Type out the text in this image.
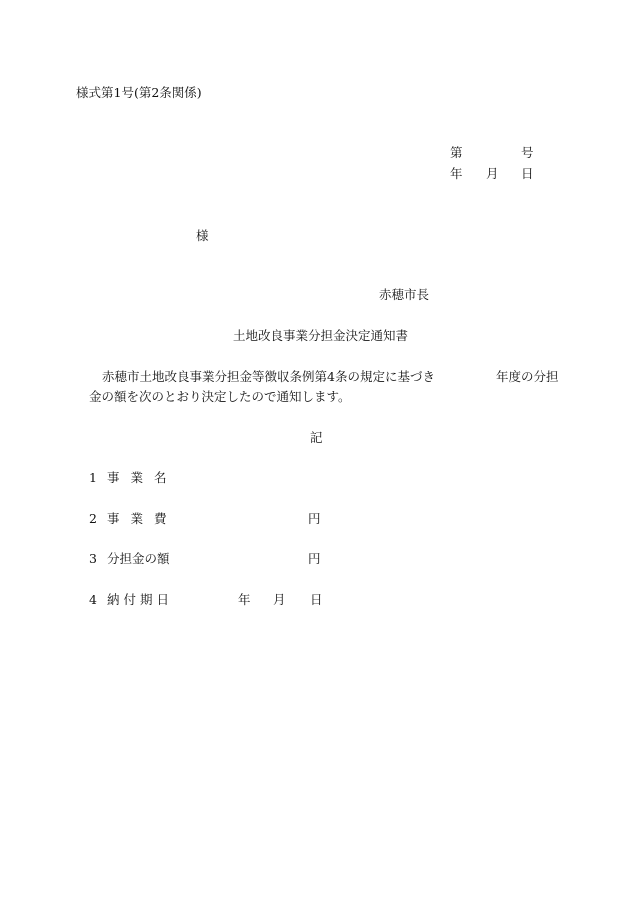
様式第1号(第2条関係)
第	号
年 月 日
様
赤穂市長
土地改良事業分担金決定通知書
赤穂市土地改良事業分担金等徴収条例第4条の規定に基づき	年度の分担
金の額を次のとおり決定したので通知します。
記
1 事業名
2 事業費	円
3 分担金の額	円
4 納付期日	年 月 日
